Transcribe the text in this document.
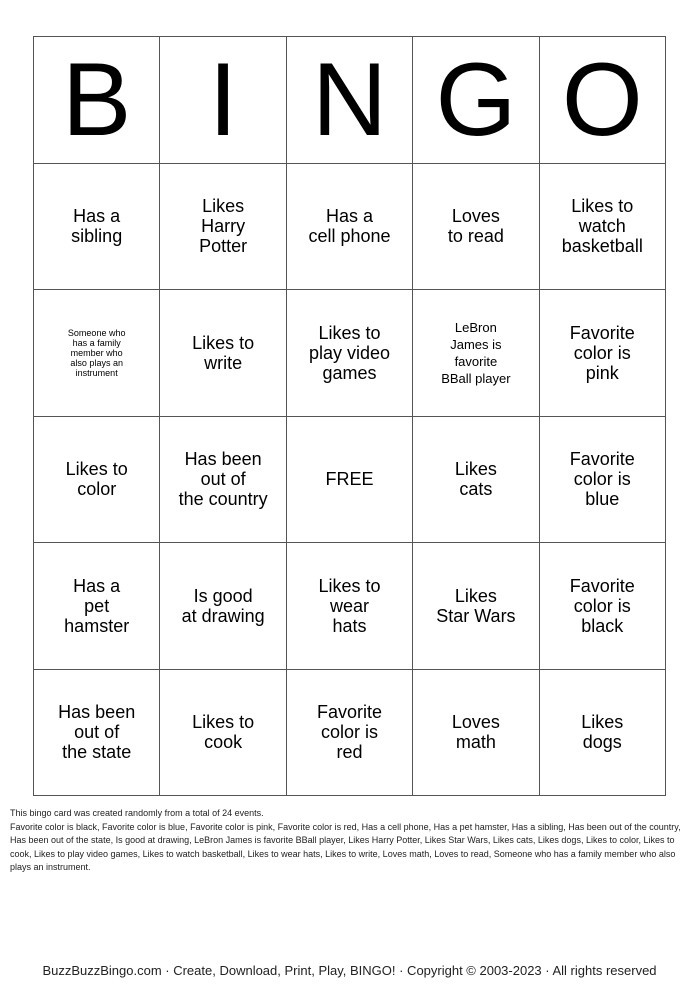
B I N G O
Has a
sibling
Likes
Harry
Potter
Has a
cell phone
Loves
to read
Likes to
watch
basketball
Someone who
has a family
member who
also plays an
instrument
Likes to
write
Likes to
play video
games
LeBron
James is
favorite
BBall player
Favorite
color is
pink
Likes to
color
Has been
out of
the country
FREE	Likes
cats
Favorite
color is
blue
Has a
pet
hamster
Is good
at drawing
Likes to
wear
hats
Likes
Star Wars
Favorite
color is
black
Has been
out of
the state
Likes to
cook
Favorite
color is
red
Loves
math
Likes
dogs
This bingo card was created randomly from a total of 24 events.
Favorite color is black, Favorite color is blue, Favorite color is pink, Favorite color is red, Has a cell phone, Has a pet hamster, Has a sibling, Has been out of the country, Has been out of the state, Is good at drawing, LeBron James is favorite BBall player, Likes Harry Potter, Likes Star Wars, Likes cats, Likes dogs, Likes to color, Likes to cook, Likes to play video games, Likes to watch basketball, Likes to wear hats, Likes to write, Loves math, Loves to read, Someone who has a family member who also plays an instrument.
BuzzBuzzBingo.com · Create, Download, Print, Play, BINGO! · Copyright © 2003-2023 · All rights reserved
